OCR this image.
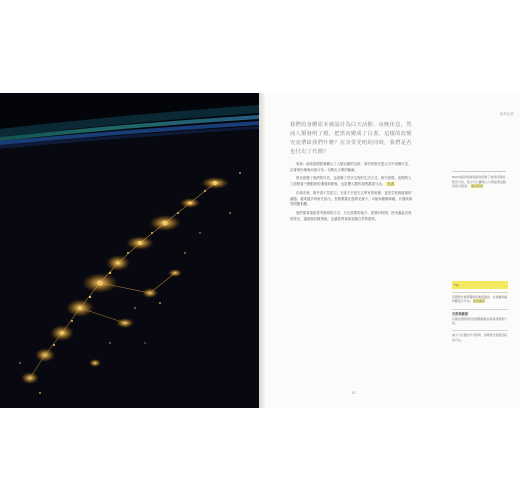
歐洲亞洲
我們的身體原本被設計為白天活動、夜晚休息，然而人類發明了燈，把黑夜變成了白晝。這樣的改變究竟帶給我們什麼？在享受光明的同時，我們是否也付出了代價？

來源：地球夜間影像顯示了人類活動的足跡，城市的燈光從太空中清晰可見，沿著海岸線與河流分布，勾勒出文明的輪廓。

燈光改變了我們的作息，也改變了許多生物的生活方式。研究發現，夜間的人工照明會干擾動物的遷徙與繁殖，也影響人體的褪黑激素分泌。 光害

在城市裡，幾乎看不見星空。光害不只是天文學家的困擾，更是生態與健康的議題。越來越多的研究指出，長期暴露在夜間光線下，可能與睡眠障礙、代謝疾病等問題相關。

我們需要重新思考照明的方式：只在需要的地方、需要的時間，使用適當亮度的燈光，讓夜晚回歸黑暗，也讓我們重新認識自然的節奏。

81
NASA提供的衛星影像記錄了地球夜間的燈光分布，從中可以觀察人口與經濟活動的集中程度。 衛星影像
Tip
夜間燈光會影響候鳥遷徙路線，也會讓海龜幼體迷失方向。 候鳥遷徙
光害與健康
長期夜間照明可能影響睡眠品質與荷爾蒙分泌。
減少不必要的戶外照明，是降低光害最直接的方法。
